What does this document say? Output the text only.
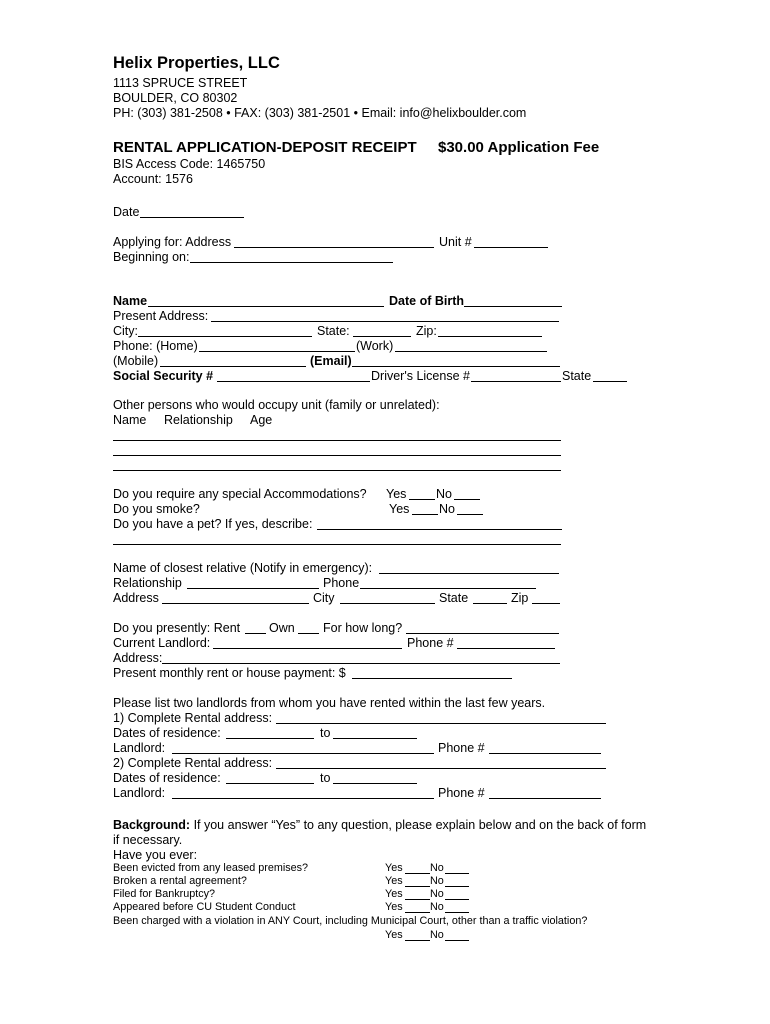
Helix Properties, LLC
1113 SPRUCE STREET
BOULDER, CO 80302
PH: (303) 381-2508 • FAX: (303) 381-2501 • Email: info@helixboulder.com
RENTAL APPLICATION-DEPOSIT RECEIPT $30.00 Application Fee
BIS Access Code: 1465750
Account: 1576
Date
Applying for: Address	Unit #
Beginning on:
Name	Date of Birth
Present Address:
City:	State:	Zip:
Phone: (Home)	(Work)
(Mobile)	(Email)
Social Security #	Driver's License #	State
Other persons who would occupy unit (family or unrelated):
Name Relationship Age
Do you require any special Accommodations? Yes No
Do you smoke?	Yes No
Do you have a pet? If yes, describe:
Name of closest relative (Notify in emergency):
Relationship	Phone
Address	City	State	Zip
Do you presently: Rent Own For how long?
Current Landlord:	Phone #
Address:
Present monthly rent or house payment: $
Please list two landlords from whom you have rented within the last few years.
1) Complete Rental address:
Dates of residence:	to
Landlord:	Phone #
2) Complete Rental address:
Dates of residence:	to
Landlord:	Phone #
Background: If you answer “Yes” to any question, please explain below and on the back of form
if necessary.
Have you ever:
Been evicted from any leased premises?	Yes	No
Broken a rental agreement?	Yes	No
Filed for Bankruptcy?	Yes	No
Appeared before CU Student Conduct	Yes	No
Been charged with a violation in ANY Court, including Municipal Court, other than a traffic violation?
Yes	No
